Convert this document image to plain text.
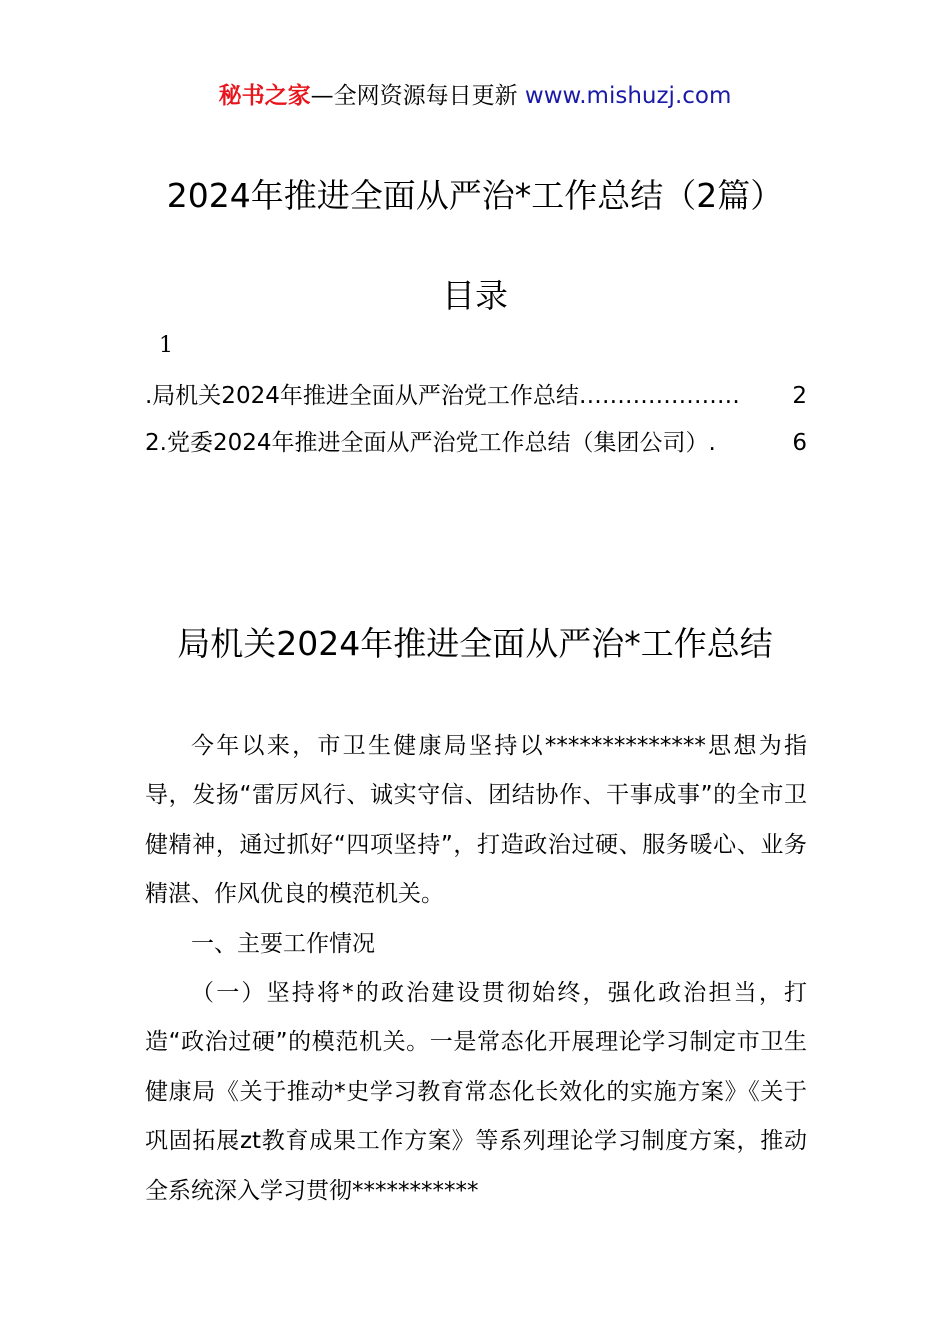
秘书之家—全网资源每日更新 www.mishuzj.com
2024年推进全面从严治*工作总结（2篇）
目录
1
.局机关2024年推进全面从严治党工作总结 …………………	2
2.党委2024年推进全面从严治党工作总结（集团公司） .	6
局机关2024年推进全面从严治*工作总结

今年以来，市卫生健康局坚持以**************思想为指导，发扬“雷厉风行、诚实守信、团结协作、干事成事”的全市卫健精神，通过抓好“四项坚持”，打造政治过硬、服务暖心、业务精湛、作风优良的模范机关。

一、主要工作情况

（一）坚持将*的政治建设贯彻始终，强化政治担当，打造“政治过硬”的模范机关。一是常态化开展理论学习制定市卫生健康局《关于推动*史学习教育常态化长效化的实施方案》《关于巩固拓展zt教育成果工作方案》等系列理论学习制度方案，推动全系统深入学习贯彻***********
